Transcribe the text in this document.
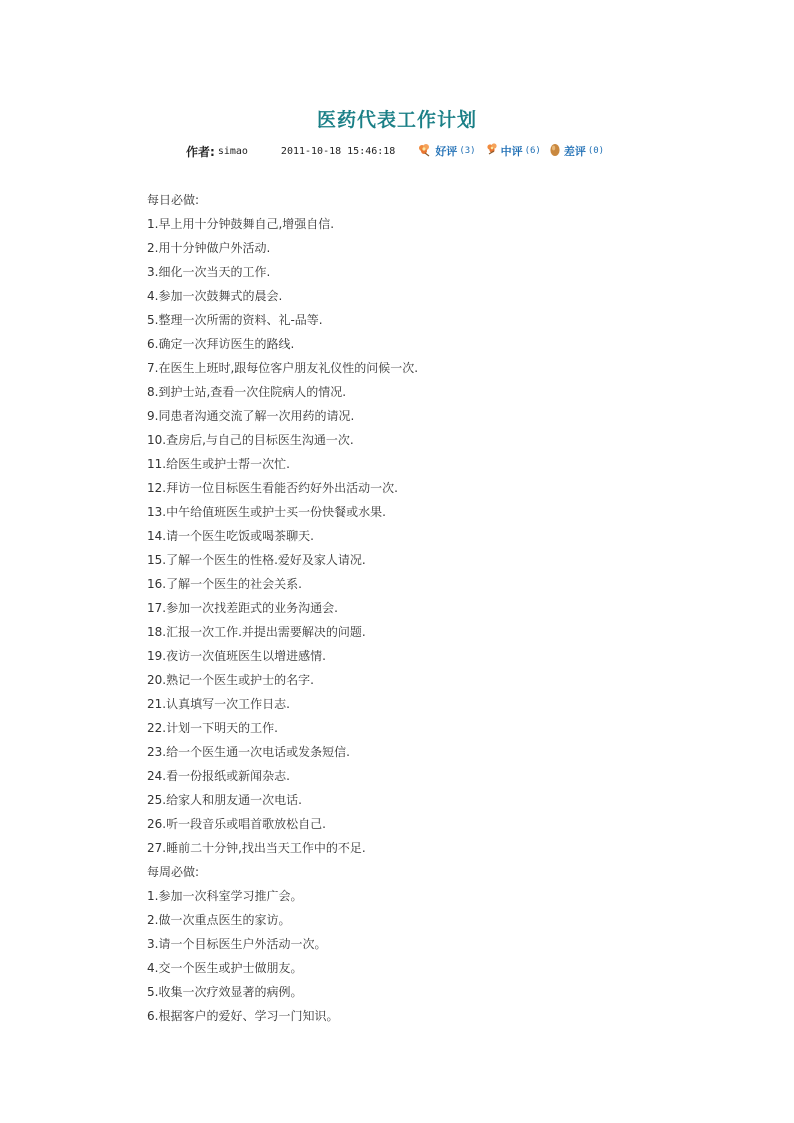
医药代表工作计划
作者: simao	2011-10-18 15:46:18	好评 (3) 中评 (6) 差评 (0)
每日必做:
1.早上用十分钟鼓舞自己,增强自信.
2.用十分钟做户外活动.
3.细化一次当天的工作.
4.参加一次鼓舞式的晨会.
5.整理一次所需的资料、礼-品等.
6.确定一次拜访医生的路线.
7.在医生上班时,跟每位客户朋友礼仪性的问候一次.
8.到护士站,查看一次住院病人的情况.
9.同患者沟通交流了解一次用药的请况.
10.查房后,与自己的目标医生沟通一次.
11.给医生或护士帮一次忙.
12.拜访一位目标医生看能否约好外出活动一次.
13.中午给值班医生或护士买一份快餐或水果.
14.请一个医生吃饭或喝茶聊天.
15.了解一个医生的性格.爱好及家人请况.
16.了解一个医生的社会关系.
17.参加一次找差距式的业务沟通会.
18.汇报一次工作.并提出需要解决的问题.
19.夜访一次值班医生以增进感情.
20.熟记一个医生或护士的名字.
21.认真填写一次工作日志.
22.计划一下明天的工作.
23.给一个医生通一次电话或发条短信.
24.看一份报纸或新闻杂志.
25.给家人和朋友通一次电话.
26.听一段音乐或唱首歌放松自己.
27.睡前二十分钟,找出当天工作中的不足.
每周必做:
1.参加一次科室学习推广会。
2.做一次重点医生的家访。
3.请一个目标医生户外活动一次。
4.交一个医生或护士做朋友。
5.收集一次疗效显著的病例。
6.根据客户的爱好、学习一门知识。
